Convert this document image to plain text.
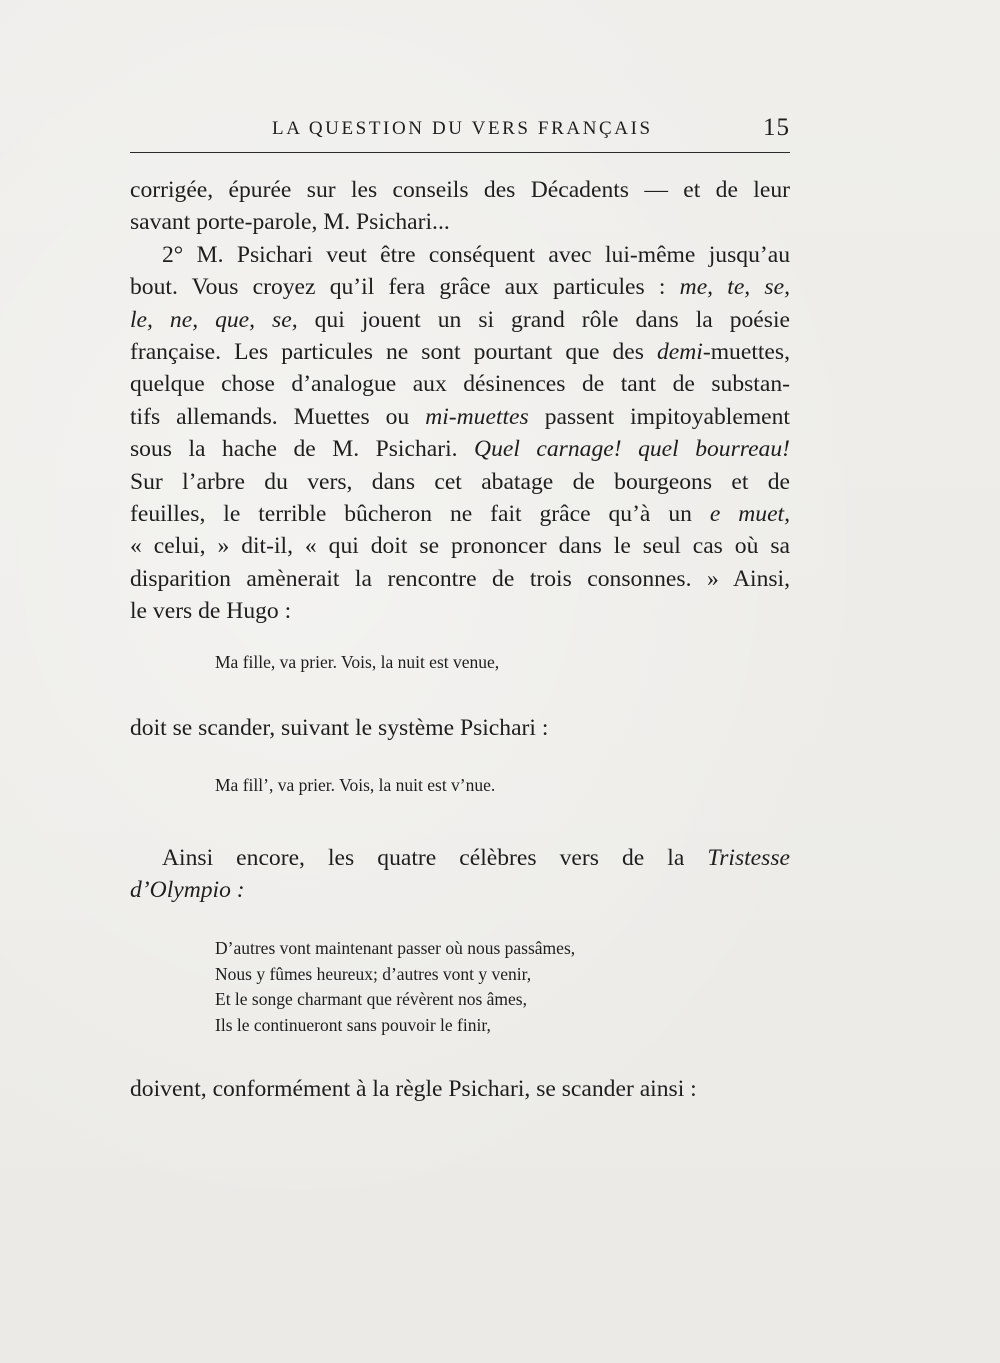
LA QUESTION DU VERS FRANÇAIS	15
corrigée, épurée sur les conseils des Décadents — et de leur
savant porte-parole, M. Psichari...
2° M. Psichari veut être conséquent avec lui-même jusqu’au
bout. Vous croyez qu’il fera grâce aux particules : me, te, se,
le, ne, que, se, qui jouent un si grand rôle dans la poésie
française. Les particules ne sont pourtant que des demi-muettes,
quelque chose d’analogue aux désinences de tant de substan-
tifs allemands. Muettes ou mi-muettes passent impitoyablement
sous la hache de M. Psichari. Quel carnage! quel bourreau!
Sur l’arbre du vers, dans cet abatage de bourgeons et de
feuilles, le terrible bûcheron ne fait grâce qu’à un e muet,
« celui, » dit-il, « qui doit se prononcer dans le seul cas où sa
disparition amènerait la rencontre de trois consonnes. » Ainsi,
le vers de Hugo :
Ma fille, va prier. Vois, la nuit est venue,
doit se scander, suivant le système Psichari :
Ma fill’, va prier. Vois, la nuit est v’nue.
Ainsi encore, les quatre célèbres vers de la Tristesse
d’Olympio :
D’autres vont maintenant passer où nous passâmes,
Nous y fûmes heureux; d’autres vont y venir,
Et le songe charmant que révèrent nos âmes,
Ils le continueront sans pouvoir le finir,
doivent, conformément à la règle Psichari, se scander ainsi :
